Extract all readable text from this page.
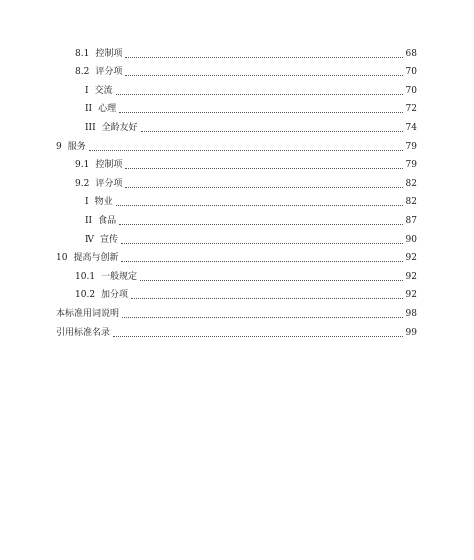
8.1 控制项	68
8.2 评分项	70
I 交流	70
II 心理	72
III 全龄友好	74
9 服务	79
9.1 控制项	79
9.2 评分项	82
I 物业	82
II 食品	87
Ⅳ 宣传	90
10 提高与创新	92
10.1 一般规定	92
10.2 加分项	92
本标准用词说明	98
引用标准名录	99
